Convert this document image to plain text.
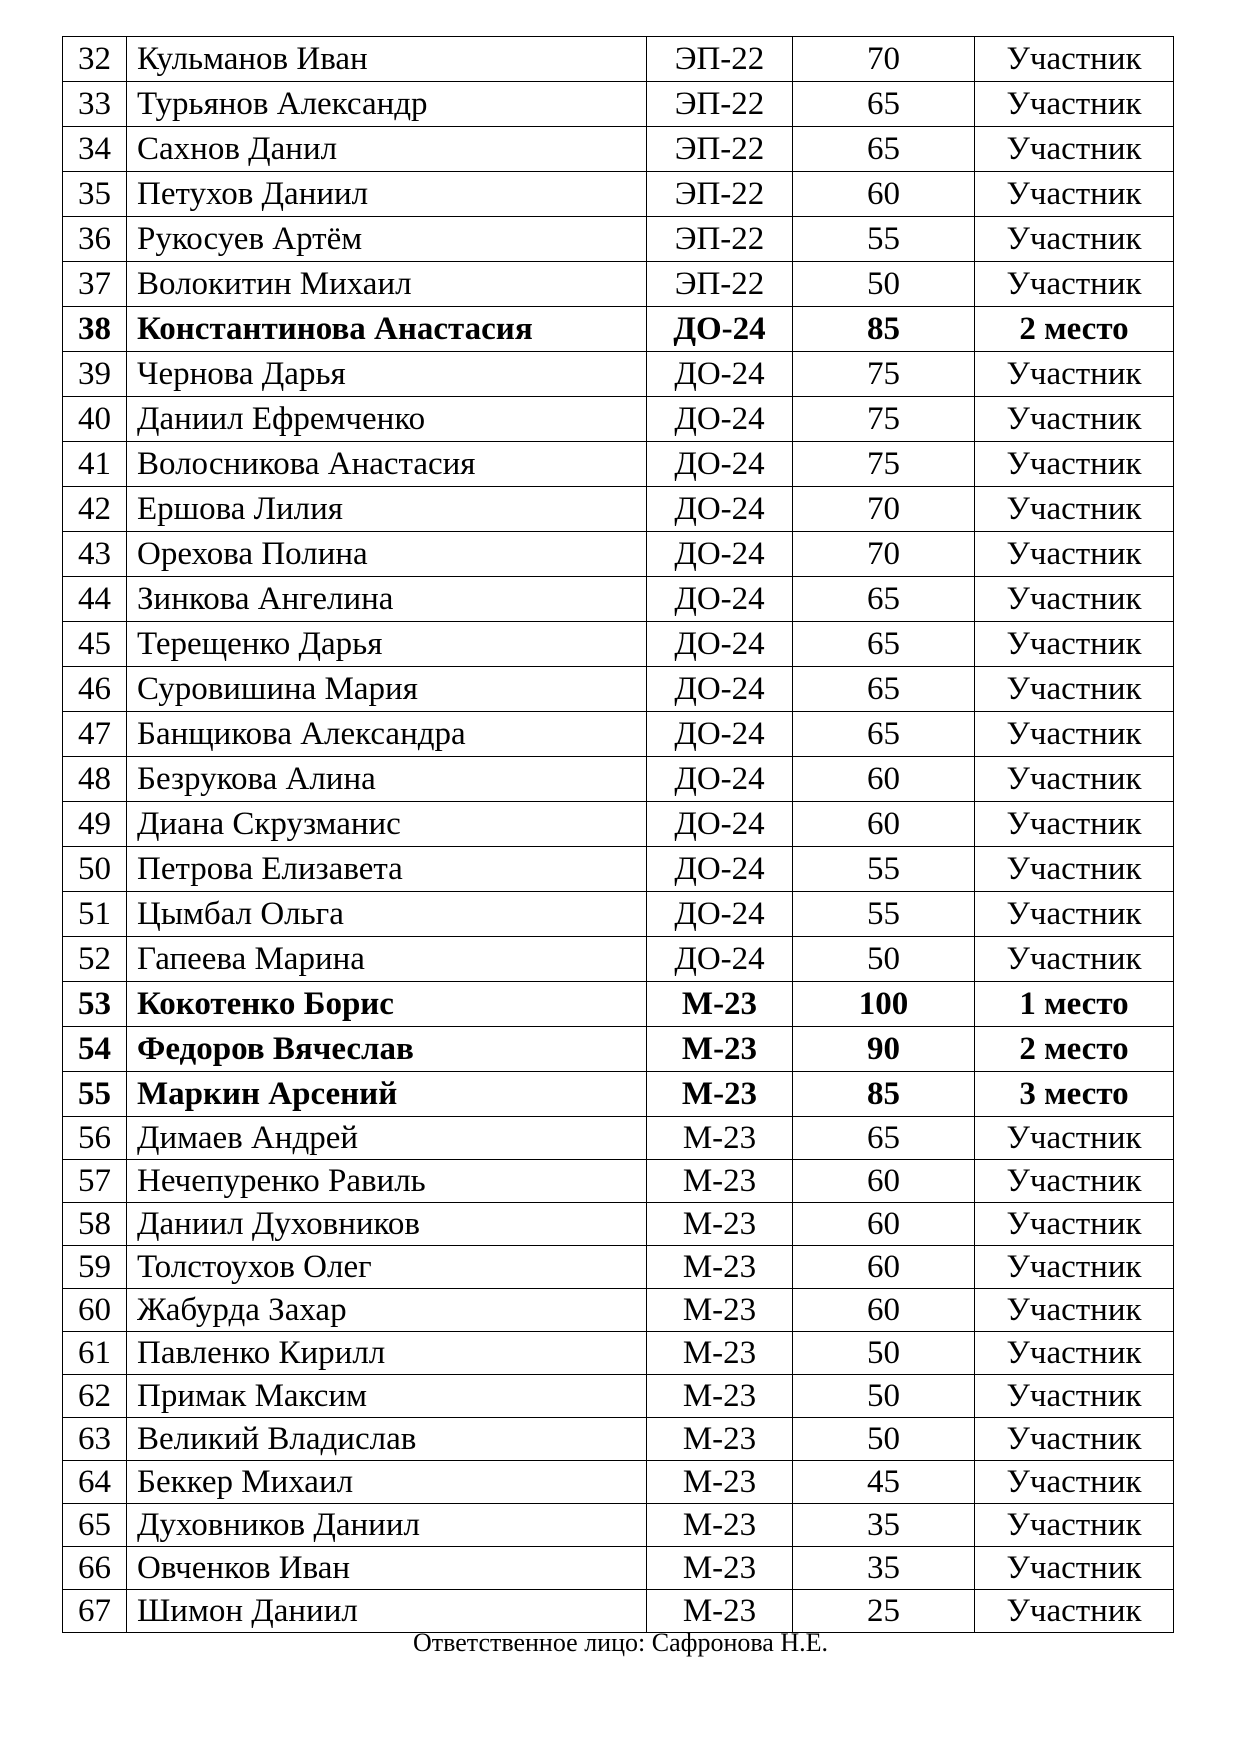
32	Кульманов Иван	ЭП-22	70	Участник
33	Турьянов Александр	ЭП-22	65	Участник
34	Сахнов Данил	ЭП-22	65	Участник
35	Петухов Даниил	ЭП-22	60	Участник
36	Рукосуев Артём	ЭП-22	55	Участник
37	Волокитин Михаил	ЭП-22	50	Участник
38	Константинова Анастасия	ДО-24	85	2 место
39	Чернова Дарья	ДО-24	75	Участник
40	Даниил Ефремченко	ДО-24	75	Участник
41	Волосникова Анастасия	ДО-24	75	Участник
42	Ершова Лилия	ДО-24	70	Участник
43	Орехова Полина	ДО-24	70	Участник
44	Зинкова Ангелина	ДО-24	65	Участник
45	Терещенко Дарья	ДО-24	65	Участник
46	Суровишина Мария	ДО-24	65	Участник
47	Банщикова Александра	ДО-24	65	Участник
48	Безрукова Алина	ДО-24	60	Участник
49	Диана Скрузманис	ДО-24	60	Участник
50	Петрова Елизавета	ДО-24	55	Участник
51	Цымбал Ольга	ДО-24	55	Участник
52	Гапеева Марина	ДО-24	50	Участник
53	Кокотенко Борис	М-23	100	1 место
54	Федоров Вячеслав	М-23	90	2 место
55	Маркин Арсений	М-23	85	3 место
56	Димаев Андрей	М-23	65	Участник
57	Нечепуренко Равиль	М-23	60	Участник
58	Даниил Духовников	М-23	60	Участник
59	Толстоухов Олег	М-23	60	Участник
60	Жабурда Захар	М-23	60	Участник
61	Павленко Кирилл	М-23	50	Участник
62	Примак Максим	М-23	50	Участник
63	Великий Владислав	М-23	50	Участник
64	Беккер Михаил	М-23	45	Участник
65	Духовников Даниил	М-23	35	Участник
66	Овченков Иван	М-23	35	Участник
67	Шимон Даниил	М-23	25	Участник
Ответственное лицо: Сафронова Н.Е.
